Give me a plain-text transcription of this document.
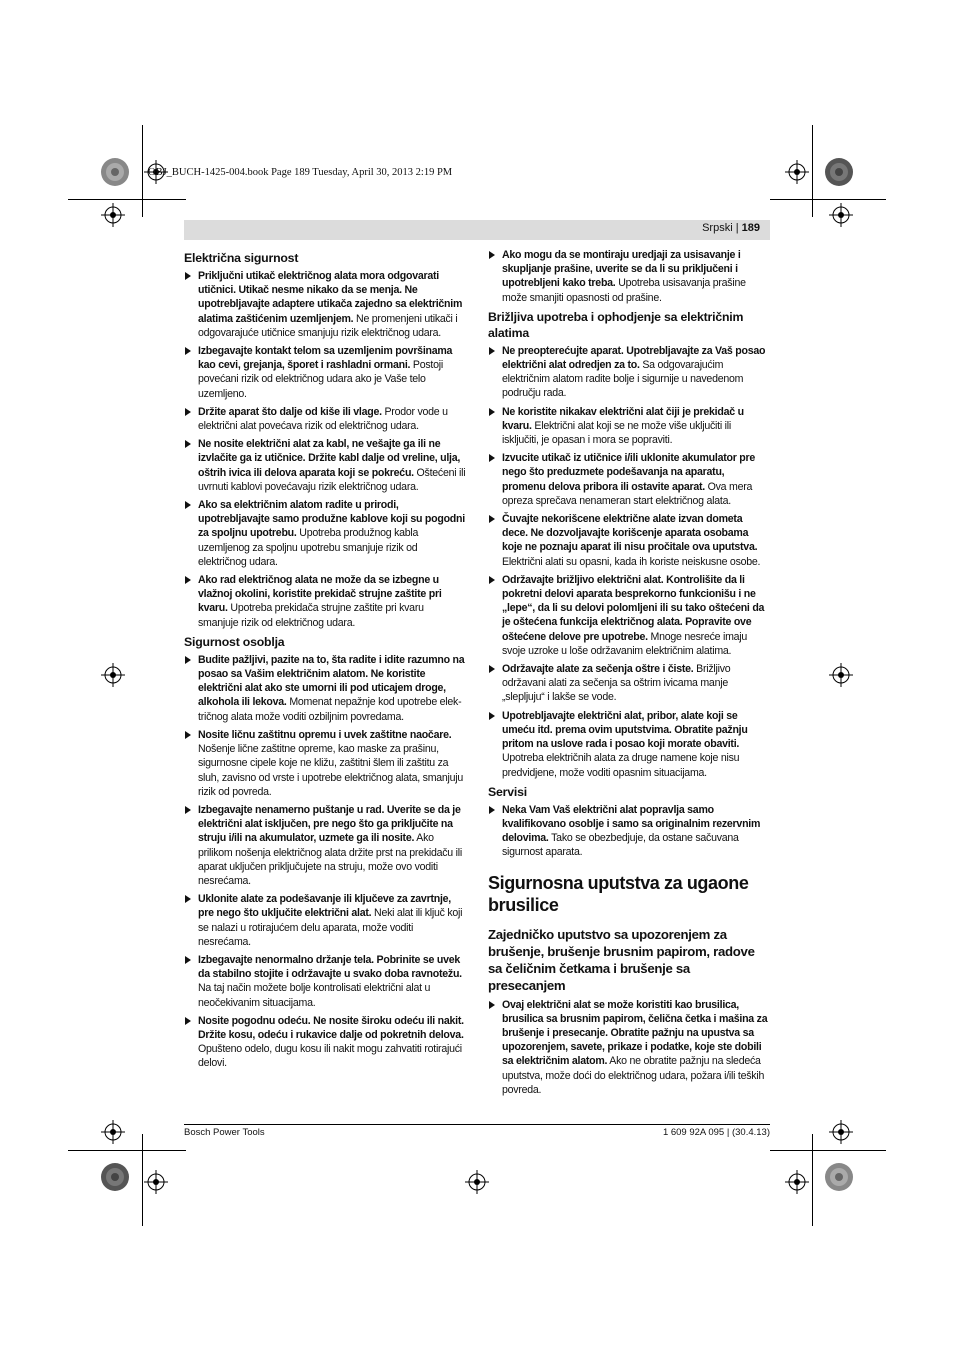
OBJ_BUCH-1425-004.book Page 189 Tuesday, April 30, 2013 2:19 PM
Srpski | 189
Električna sigurnost
Priključni utikač električnog alata mora odgovarati utičnici. Utikač nesme nikako da se menja. Ne upotrebljavajte adaptere utikača zajedno sa električnim alatima zaštićenim uzemljenjem. Ne promenjeni utikači i odgovarajuće utičnice smanjuju rizik električnog udara.
Izbegavajte kontakt telom sa uzemljenim površinama kao cevi, grejanja, šporet i rashladni ormani. Postoji povećani rizik od električnog udara ako je Vaše telo uzemljeno.
Držite aparat što dalje od kiše ili vlage. Prodor vode u električni alat povećava rizik od električnog udara.
Ne nosite električni alat za kabl, ne vešajte ga ili ne izvlačite ga iz utičnice. Držite kabl dalje od vreline, ulja, oštrih ivica ili delova aparata koji se pokreću. Oštećeni ili uvrnuti kablovi povećavaju rizik električnog udara.
Ako sa električnim alatom radite u prirodi, upotrebljavajte samo produžne kablove koji su pogodni za spoljnu upotrebu. Upotreba produžnog kabla uzemljenog za spoljnu upotrebu smanjuje rizik od električnog udara.
Ako rad električnog alata ne može da se izbegne u vlažnoj okolini, koristite prekidač strujne zaštite pri kvaru. Upotreba prekidača strujne zaštite pri kvaru smanjuje rizik od električnog udara.
Sigurnost osoblja
Budite pažljivi, pazite na to, šta radite i idite razumno na posao sa Vašim električnim alatom. Ne koristite električni alat ako ste umorni ili pod uticajem droge, alkohola ili lekova. Momenat nepažnje kod upotrebe elek-tričnog alata može voditi ozbiljnim povredama.
Nosite ličnu zaštitnu opremu i uvek zaštitne naočare. Nošenje lične zaštitne opreme, kao maske za prašinu, sigurnosne cipele koje ne kližu, zaštitni šlem ili zaštitu za sluh, zavisno od vrste i upotrebe električnog alata, smanjuju rizik od povreda.
Izbegavajte nenamerno puštanje u rad. Uverite se da je električni alat isključen, pre nego što ga priključite na struju i/ili na akumulator, uzmete ga ili nosite. Ako prilikom nošenja električnog alata držite prst na prekidaču ili aparat uključen priključujete na struju, može ovo voditi nesrećama.
Uklonite alate za podešavanje ili ključeve za zavrtnje, pre nego što uključite električni alat. Neki alat ili ključ koji se nalazi u rotirajućem delu aparata, može voditi nesrećama.
Izbegavajte nenormalno držanje tela. Pobrinite se uvek da stabilno stojite i održavajte u svako doba ravnotežu. Na taj način možete bolje kontrolisati električni alat u neočekivanim situacijama.
Nosite pogodnu odeću. Ne nosite široku odeću ili nakit. Držite kosu, odeću i rukavice dalje od pokretnih delova. Opušteno odelo, dugu kosu ili nakit mogu zahvatiti rotirajući delovi.
Ako mogu da se montiraju uredjaji za usisavanje i skupljanje prašine, uverite se da li su priključeni i upotrebljeni kako treba. Upotreba usisavanja prašine može smanjiti opasnosti od prašine.
Brižljiva upotreba i ophodjenje sa električnim alatima
Ne preopterećujte aparat. Upotrebljavajte za Vaš posao električni alat odredjen za to. Sa odgovarajućim električnim alatom radite bolje i sigurnije u navedenom području rada.
Ne koristite nikakav električni alat čiji je prekidač u kvaru. Električni alat koji se ne može više uključiti ili isključiti, je opasan i mora se popraviti.
Izvucite utikač iz utičnice i/ili uklonite akumulator pre nego što preduzmete podešavanja na aparatu, promenu delova pribora ili ostavite aparat. Ova mera opreza sprečava nenameran start električnog alata.
Čuvajte nekorišcene električne alate izvan dometa dece. Ne dozvoljavajte korišcenje aparata osobama koje ne poznaju aparat ili nisu pročitale ova uputstva. Električni alati su opasni, kada ih koriste neiskusne osobe.
Održavajte brižljivo električni alat. Kontrolišite da li pokretni delovi aparata besprekorno funkcionišu i ne „lepe“, da li su delovi polomljeni ili su tako oštećeni da je oštećena funkcija električnog alata. Popravite ove oštećene delove pre upotrebe. Mnoge nesreće imaju svoje uzroke u loše održavanim električnim alatima.
Održavajte alate za sečenja oštre i čiste. Brižljivo održavani alati za sečenja sa oštrim ivicama manje „slepljuju“ i lakše se vode.
Upotrebljavajte električni alat, pribor, alate koji se umeću itd. prema ovim uputstvima. Obratite pažnju pritom na uslove rada i posao koji morate obaviti. Upotreba električnih alata za druge namene koje nisu predvidjene, može voditi opasnim situacijama.
Servisi
Neka Vam Vaš električni alat popravlja samo kvalifikovano osoblje i samo sa originalnim rezervnim delovima. Tako se obezbedjuje, da ostane sačuvana sigurnost aparata.
Sigurnosna uputstva za ugaone brusilice
Zajedničko uputstvo sa upozorenjem za brušenje, brušenje brusnim papirom, radove sa čeličnim četkama i brušenje sa presecanjem
Ovaj električni alat se može koristiti kao brusilica, brusilica sa brusnim papirom, čelična četka i mašina za brušenje i presecanje. Obratite pažnju na upustva sa upozorenjem, savete, prikaze i podatke, koje ste dobili sa električnim alatom. Ako ne obratite pažnju na sledeća uputstva, može doći do električnog udara, požara i/ili teških povreda.
Bosch Power Tools	1 609 92A 095 | (30.4.13)
